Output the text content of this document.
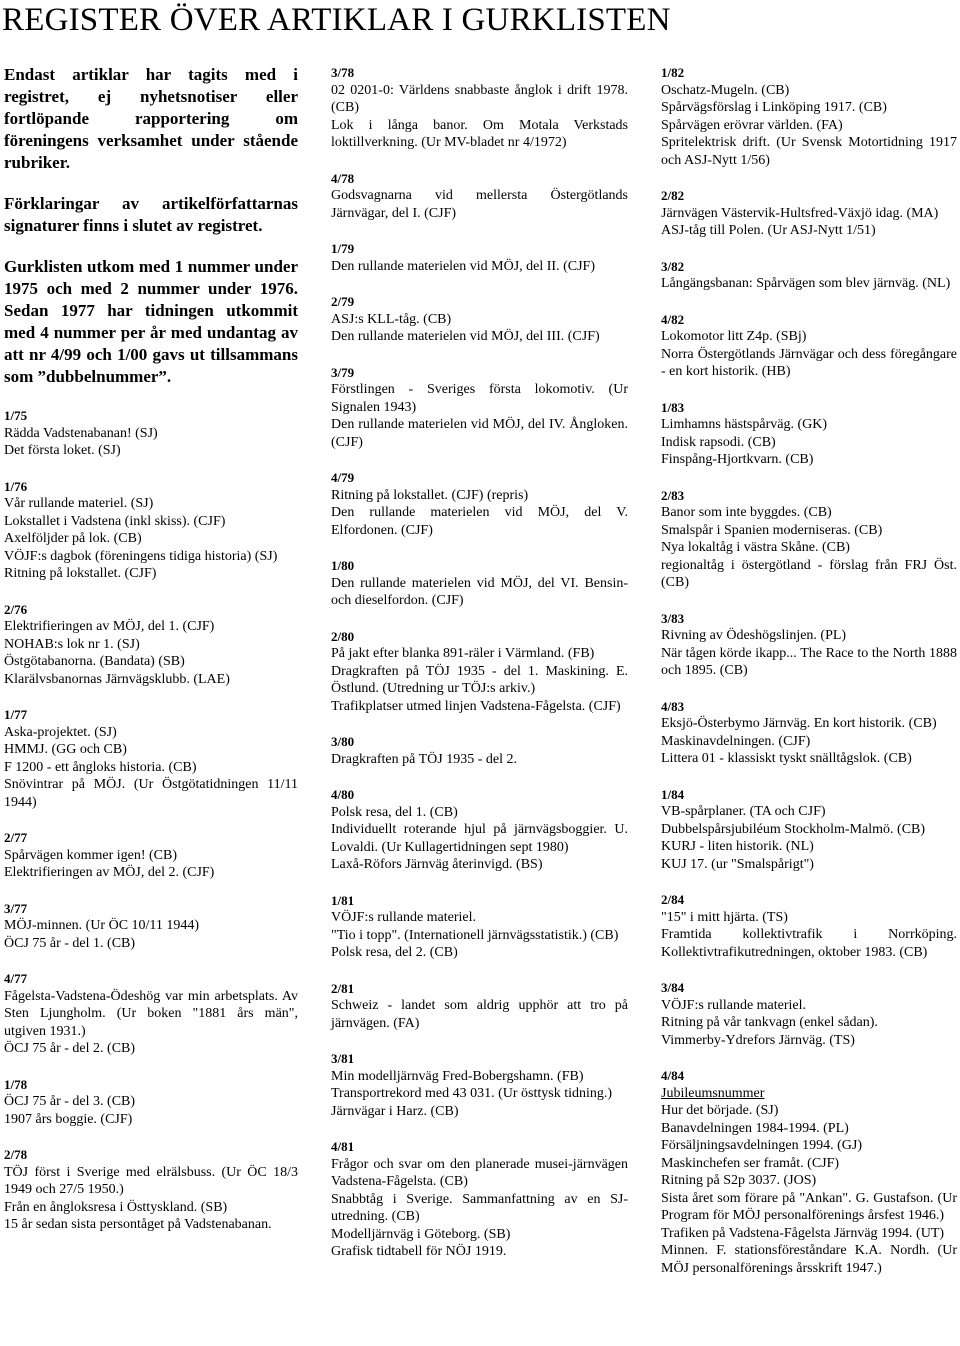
REGISTER ÖVER ARTIKLAR I GURKLISTEN

Endast artiklar har tagits med i registret, ej nyhetsnotiser eller fortlöpande rapportering om föreningens verksamhet under stående rubriker.

Förklaringar av artikelförfattarnas signaturer finns i slutet av registret.

Gurklisten utkom med 1 nummer under 1975 och med 2 nummer under 1976. Sedan 1977 har tidningen utkommit med 4 nummer per år med undantag av att nr 4/99 och 1/00 gavs ut tillsammans som ”dubbelnummer”.

1/75
Rädda Vadstenabanan! (SJ)
Det första loket. (SJ)
1/76
Vår rullande materiel. (SJ)
Lokstallet i Vadstena (inkl skiss). (CJF)
Axelföljder på lok. (CB)
VÖJF:s dagbok (föreningens tidiga historia) (SJ)
Ritning på lokstallet. (CJF)
2/76
Elektrifieringen av MÖJ, del 1. (CJF)
NOHAB:s lok nr 1. (SJ)
Östgötabanorna. (Bandata) (SB)
Klarälvsbanornas Järnvägsklubb. (LAE)
1/77
Aska-projektet. (SJ)
HMMJ. (GG och CB)
F 1200 - ett ångloks historia. (CB)
Snövintrar på MÖJ. (Ur Östgötatidningen 11/11 1944)
2/77
Spårvägen kommer igen! (CB)
Elektrifieringen av MÖJ, del 2. (CJF)
3/77
MÖJ-minnen. (Ur ÖC 10/11 1944)
ÖCJ 75 år - del 1. (CB)
4/77
Fågelsta-Vadstena-Ödeshög var min arbetsplats. Av Sten Ljungholm. (Ur boken "1881 års män", utgiven 1931.)
ÖCJ 75 år - del 2. (CB)
1/78
ÖCJ 75 år - del 3. (CB)
1907 års boggie. (CJF)
2/78
TÖJ först i Sverige med elrälsbuss. (Ur ÖC 18/3 1949 och 27/5 1950.)
Från en ångloksresa i Östtyskland. (SB)
15 år sedan sista persontåget på Vadstenabanan.
3/78
02 0201-0: Världens snabbaste ånglok i drift 1978. (CB)
Lok i långa banor. Om Motala Verkstads loktillverkning. (Ur MV-bladet nr 4/1972)
4/78
Godsvagnarna vid mellersta Östergötlands Järnvägar, del I. (CJF)
1/79
Den rullande materielen vid MÖJ, del II. (CJF)
2/79
ASJ:s KLL-tåg. (CB)
Den rullande materielen vid MÖJ, del III. (CJF)
3/79
Förstlingen - Sveriges första lokomotiv. (Ur Signalen 1943)
Den rullande materielen vid MÖJ, del IV. Ångloken. (CJF)
4/79
Ritning på lokstallet. (CJF) (repris)
Den rullande materielen vid MÖJ, del V. Elfordonen. (CJF)
1/80
Den rullande materielen vid MÖJ, del VI. Bensin- och dieselfordon. (CJF)
2/80
På jakt efter blanka 891-räler i Värmland. (FB)
Dragkraften på TÖJ 1935 - del 1. Maskining. E. Östlund. (Utredning ur TÖJ:s arkiv.)
Trafikplatser utmed linjen Vadstena-Fågelsta. (CJF)
3/80
Dragkraften på TÖJ 1935 - del 2.
4/80
Polsk resa, del 1. (CB)
Individuellt roterande hjul på järnvägsboggier. U. Lovaldi. (Ur Kullagertidningen sept 1980)
Laxå-Röfors Järnväg återinvigd. (BS)
1/81
VÖJF:s rullande materiel.
"Tio i topp". (Internationell järnvägsstatistik.) (CB)
Polsk resa, del 2. (CB)
2/81
Schweiz - landet som aldrig upphör att tro på järnvägen. (FA)
3/81
Min modelljärnväg Fred-Bobergshamn. (FB)
Transportrekord med 43 031. (Ur östtysk tidning.)
Järnvägar i Harz. (CB)
4/81
Frågor och svar om den planerade musei-järnvägen Vadstena-Fågelsta. (CB)
Snabbtåg i Sverige. Sammanfattning av en SJ-utredning. (CB)
Modelljärnväg i Göteborg. (SB)
Grafisk tidtabell för NÖJ 1919.
1/82
Oschatz-Mugeln. (CB)
Spårvägsförslag i Linköping 1917. (CB)
Spårvägen erövrar världen. (FA)
Spritelektrisk drift. (Ur Svensk Motortidning 1917 och ASJ-Nytt 1/56)
2/82
Järnvägen Västervik-Hultsfred-Växjö idag. (MA)
ASJ-tåg till Polen. (Ur ASJ-Nytt 1/51)
3/82
Långängsbanan: Spårvägen som blev järnväg. (NL)
4/82
Lokomotor litt Z4p. (SBj)
Norra Östergötlands Järnvägar och dess föregångare - en kort historik. (HB)
1/83
Limhamns hästspårväg. (GK)
Indisk rapsodi. (CB)
Finspång-Hjortkvarn. (CB)
2/83
Banor som inte byggdes. (CB)
Smalspår i Spanien moderniseras. (CB)
Nya lokaltåg i västra Skåne. (CB)
regionaltåg i östergötland - förslag från FRJ Öst. (CB)
3/83
Rivning av Ödeshögslinjen. (PL)
När tågen körde ikapp... The Race to the North 1888 och 1895. (CB)
4/83
Eksjö-Österbymo Järnväg. En kort historik. (CB)
Maskinavdelningen. (CJF)
Littera 01 - klassiskt tyskt snälltågslok. (CB)
1/84
VB-spårplaner. (TA och CJF)
Dubbelspårsjubiléum Stockholm-Malmö. (CB)
KURJ - liten historik. (NL)
KUJ 17. (ur "Smalspårigt")
2/84
"15" i mitt hjärta. (TS)
Framtida kollektivtrafik i Norrköping. Kollektivtrafikutredningen, oktober 1983. (CB)
3/84
VÖJF:s rullande materiel.
Ritning på vår tankvagn (enkel sådan).
Vimmerby-Ydrefors Järnväg. (TS)
4/84
Jubileumsnummer
Hur det började. (SJ)
Banavdelningen 1984-1994. (PL)
Försäljningsavdelningen 1994. (GJ)
Maskinchefen ser framåt. (CJF)
Ritning på S2p 3037. (JOS)
Sista året som förare på "Ankan". G. Gustafson. (Ur Program för MÖJ personalförenings årsfest 1946.)
Trafiken på Vadstena-Fågelsta Järnväg 1994. (UT)
Minnen. F. stationsföreståndare K.A. Nordh. (Ur MÖJ personalförenings årsskrift 1947.)
